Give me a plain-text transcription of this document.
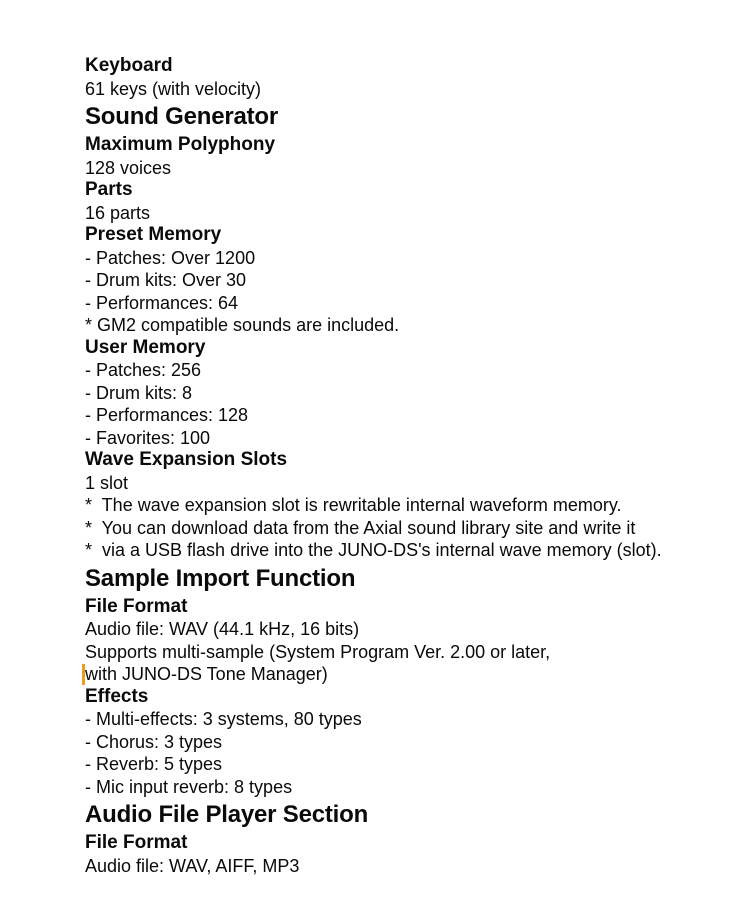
Keyboard
61 keys (with velocity)
Sound Generator
Maximum Polyphony
128 voices
Parts
16 parts
Preset Memory
- Patches: Over 1200
- Drum kits: Over 30
- Performances: 64
* GM2 compatible sounds are included.
User Memory
- Patches: 256
- Drum kits: 8
- Performances: 128
- Favorites: 100
Wave Expansion Slots
1 slot
*  The wave expansion slot is rewritable internal waveform memory.
*  You can download data from the Axial sound library site and write it
*  via a USB flash drive into the JUNO-DS's internal wave memory (slot).
Sample Import Function
File Format
Audio file: WAV (44.1 kHz, 16 bits)
Supports multi-sample (System Program Ver. 2.00 or later,
with JUNO-DS Tone Manager)
Effects
- Multi-effects: 3 systems, 80 types
- Chorus: 3 types
- Reverb: 5 types
- Mic input reverb: 8 types
Audio File Player Section
File Format
Audio file: WAV, AIFF, MP3
